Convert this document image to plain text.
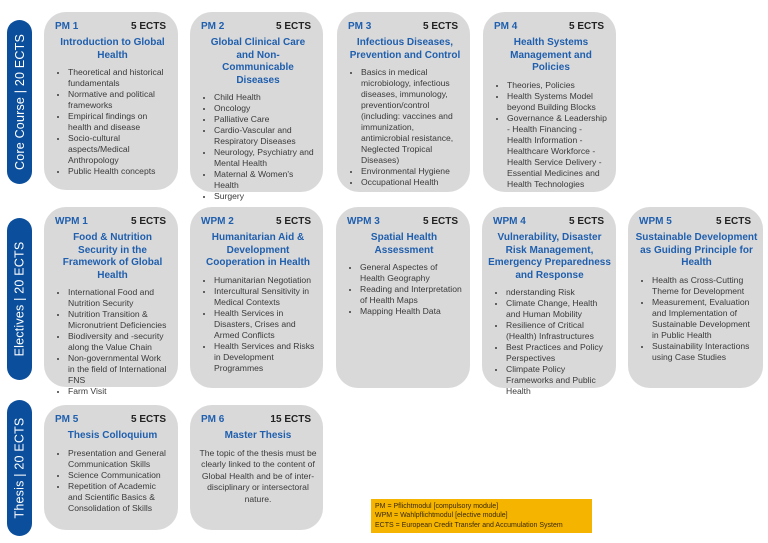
Core Course | 20 ECTS
Electives | 20 ECTS
Thesis | 20 ECTS
PM 1	5 ECTS
Introduction to Global Health
• Theoretical and historical fundamentals
• Normative and political frameworks
• Empirical findings on health and disease
• Socio-cultural aspects/Medical Anthropology
• Public Health concepts
PM 2	5 ECTS
Global Clinical Care and Non-Communicable Diseases
• Child Health
• Oncology
• Palliative Care
• Cardio-Vascular and Respiratory Diseases
• Neurology, Psychiatry and Mental Health
• Maternal & Women's Health
• Surgery
PM 3	5 ECTS
Infectious Diseases, Prevention and Control
• Basics in medical microbiology, infectious diseases, immunology, prevention/control (including: vaccines and immunization, antimicrobial resistance, Neglected Tropical Diseases)
• Environmental Hygiene
• Occupational Health
PM 4	5 ECTS
Health Systems Management and Policies
• Theories, Policies
• Health Systems Model beyond Building Blocks
• Governance & Leadership - Health Financing - Health Information - Healthcare Workforce - Health Service Delivery - Essential Medicines and Health Technologies
WPM 1	5 ECTS
Food & Nutrition Security in the Framework of Global Health
• International Food and Nutrition Security
• Nutrition Transition & Micronutrient Deficiencies
• Biodiversity and -security along the Value Chain
• Non-governmental Work in the field of International FNS
• Farm Visit
WPM 2	5 ECTS
Humanitarian Aid & Development Cooperation in Health
• Humanitarian Negotiation
• Intercultural Sensitivity in Medical Contexts
• Health Services in Disasters, Crises and Armed Conflicts
• Health Services and Risks in Development Programmes
WPM 3	5 ECTS
Spatial Health Assessment
• General Aspectes of Health Geography
• Reading and Interpretation of Health Maps
• Mapping Health Data
WPM 4	5 ECTS
Vulnerability, Disaster Risk Management, Emergency Preparedness and Response
• nderstanding Risk
• Climate Change, Health and Human Mobility
• Resilience of Critical (Health) Infrastructures
• Best Practices and Policy Perspectives
• Climpate Policy Frameworks and Public Health
WPM 5	5 ECTS
Sustainable Development as Guiding Principle for Health
• Health as Cross-Cutting Theme for Development
• Measurement, Evaluation and Implementation of Sustainable Development in Public Health
• Sustainability Interactions using Case Studies
PM 5	5 ECTS
Thesis Colloquium
• Presentation and General Communication Skills
• Science Communication
• Repetition of Academic and Scientific Basics & Consolidation of Skills
PM 6	15 ECTS
Master Thesis
The topic of the thesis must be clearly linked to the content of Global Health and be of inter-disciplinary or intersectoral nature.
PM = Pflichtmodul [compulsory module]
WPM = Wahlpflichtmodul [elective module]
ECTS = European Credit Transfer and Accumulation System
